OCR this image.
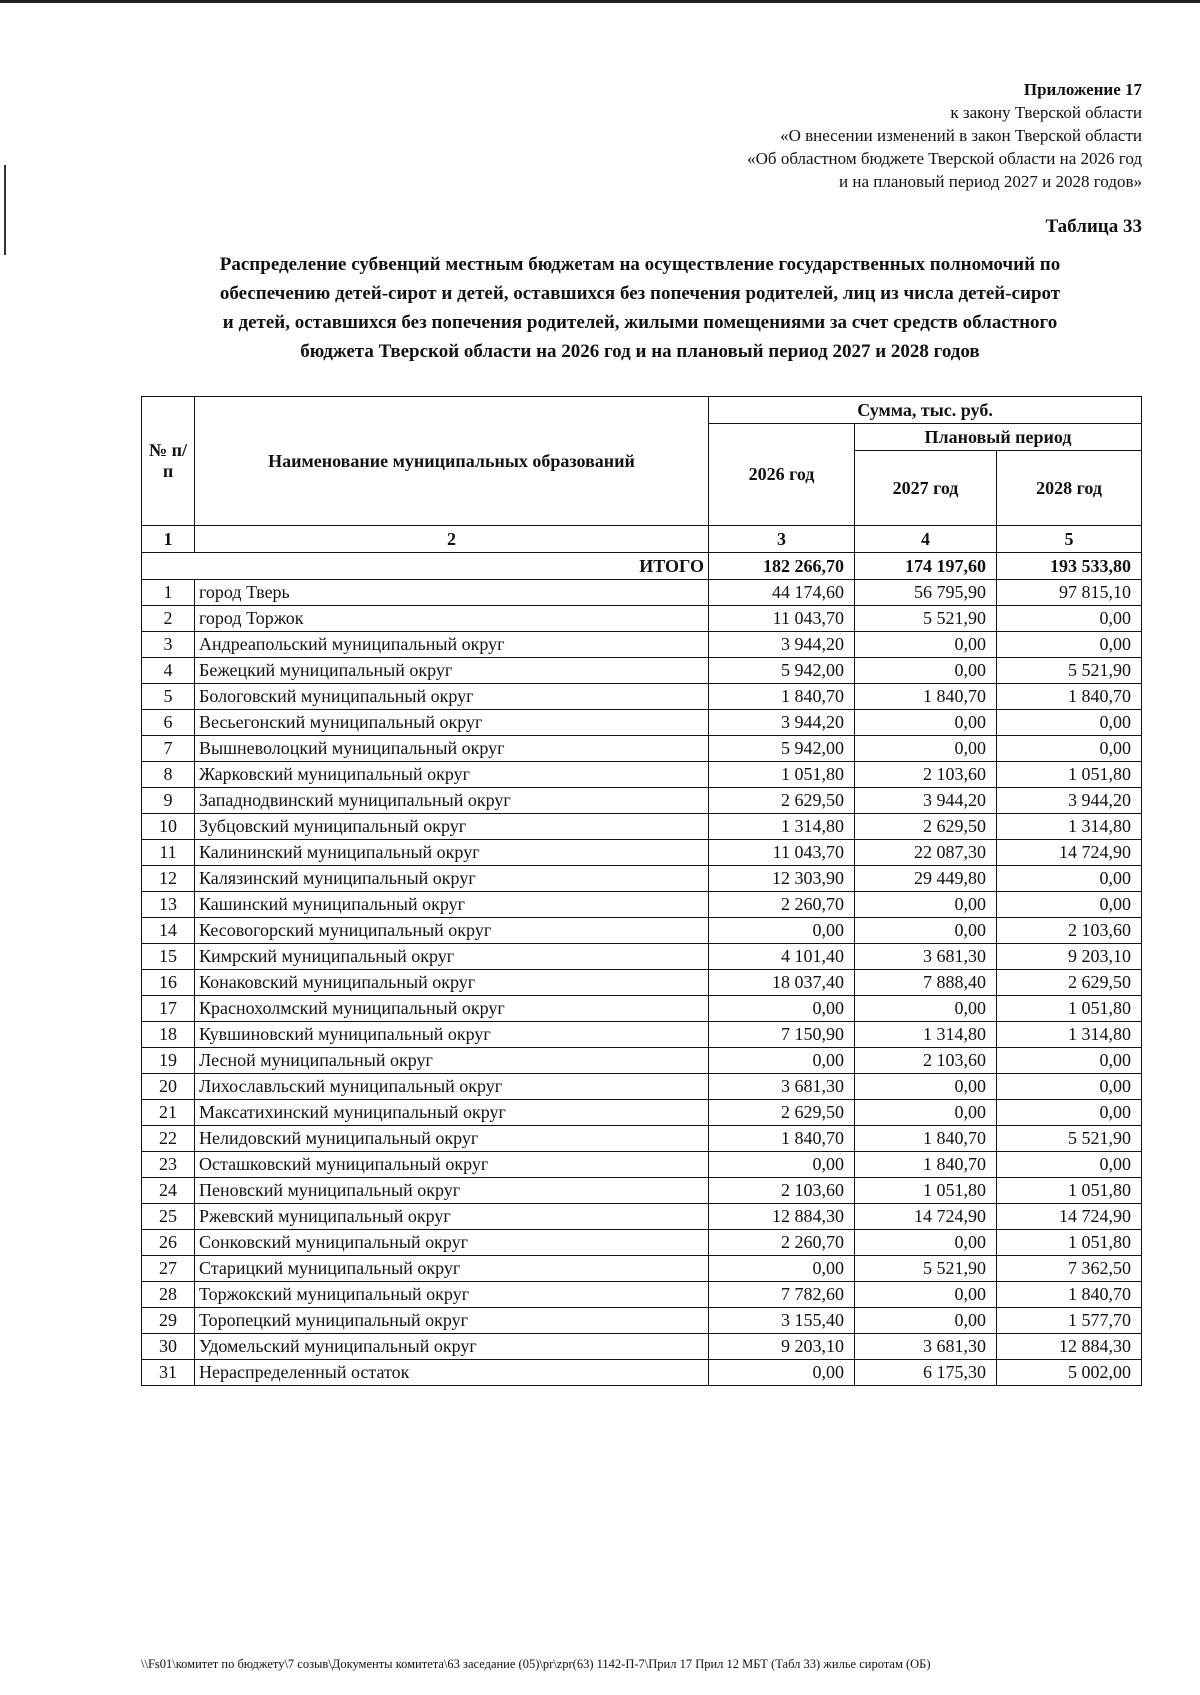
Приложение 17
к закону Тверской области
«О внесении изменений в закон Тверской области
«Об областном бюджете Тверской области на 2026 год
и на плановый период 2027 и 2028 годов»
Таблица 33
Распределение субвенций местным бюджетам на осуществление государственных полномочий по
обеспечению детей-сирот и детей, оставшихся без попечения родителей, лиц из числа детей-сирот
и детей, оставшихся без попечения родителей, жилыми помещениями за счет средств областного
бюджета Тверской области на 2026 год и на плановый период 2027 и 2028 годов
№ п/п	Наименование муниципальных образований	Сумма, тыс. руб.		
		2026 год	Плановый период	
			2027 год	2028 год
1	2	3	4	5
ИТОГО		182 266,70	174 197,60	193 533,80
1	город Тверь	44 174,60	56 795,90	97 815,10
2	город Торжок	11 043,70	5 521,90	0,00
3	Андреапольский муниципальный округ	3 944,20	0,00	0,00
4	Бежецкий муниципальный округ	5 942,00	0,00	5 521,90
5	Бологовский муниципальный округ	1 840,70	1 840,70	1 840,70
6	Весьегонский муниципальный округ	3 944,20	0,00	0,00
7	Вышневолоцкий муниципальный округ	5 942,00	0,00	0,00
8	Жарковский муниципальный округ	1 051,80	2 103,60	1 051,80
9	Западнодвинский муниципальный округ	2 629,50	3 944,20	3 944,20
10	Зубцовский муниципальный округ	1 314,80	2 629,50	1 314,80
11	Калининский муниципальный округ	11 043,70	22 087,30	14 724,90
12	Калязинский муниципальный округ	12 303,90	29 449,80	0,00
13	Кашинский муниципальный округ	2 260,70	0,00	0,00
14	Кесовогорский муниципальный округ	0,00	0,00	2 103,60
15	Кимрский муниципальный округ	4 101,40	3 681,30	9 203,10
16	Конаковский муниципальный округ	18 037,40	7 888,40	2 629,50
17	Краснохолмский муниципальный округ	0,00	0,00	1 051,80
18	Кувшиновский муниципальный округ	7 150,90	1 314,80	1 314,80
19	Лесной муниципальный округ	0,00	2 103,60	0,00
20	Лихославльский муниципальный округ	3 681,30	0,00	0,00
21	Максатихинский муниципальный округ	2 629,50	0,00	0,00
22	Нелидовский муниципальный округ	1 840,70	1 840,70	5 521,90
23	Осташковский муниципальный округ	0,00	1 840,70	0,00
24	Пеновский муниципальный округ	2 103,60	1 051,80	1 051,80
25	Ржевский муниципальный округ	12 884,30	14 724,90	14 724,90
26	Сонковский муниципальный округ	2 260,70	0,00	1 051,80
27	Старицкий муниципальный округ	0,00	5 521,90	7 362,50
28	Торжокский муниципальный округ	7 782,60	0,00	1 840,70
29	Торопецкий муниципальный округ	3 155,40	0,00	1 577,70
30	Удомельский муниципальный округ	9 203,10	3 681,30	12 884,30
31	Нераспределенный остаток	0,00	6 175,30	5 002,00
\\Fs01\комитет по бюджету\7 созыв\Документы комитета\63 заседание (05)\pr\zpr(63) 1142-П-7\Прил 17 Прил 12 МБТ (Табл 33) жилье сиротам (ОБ)
